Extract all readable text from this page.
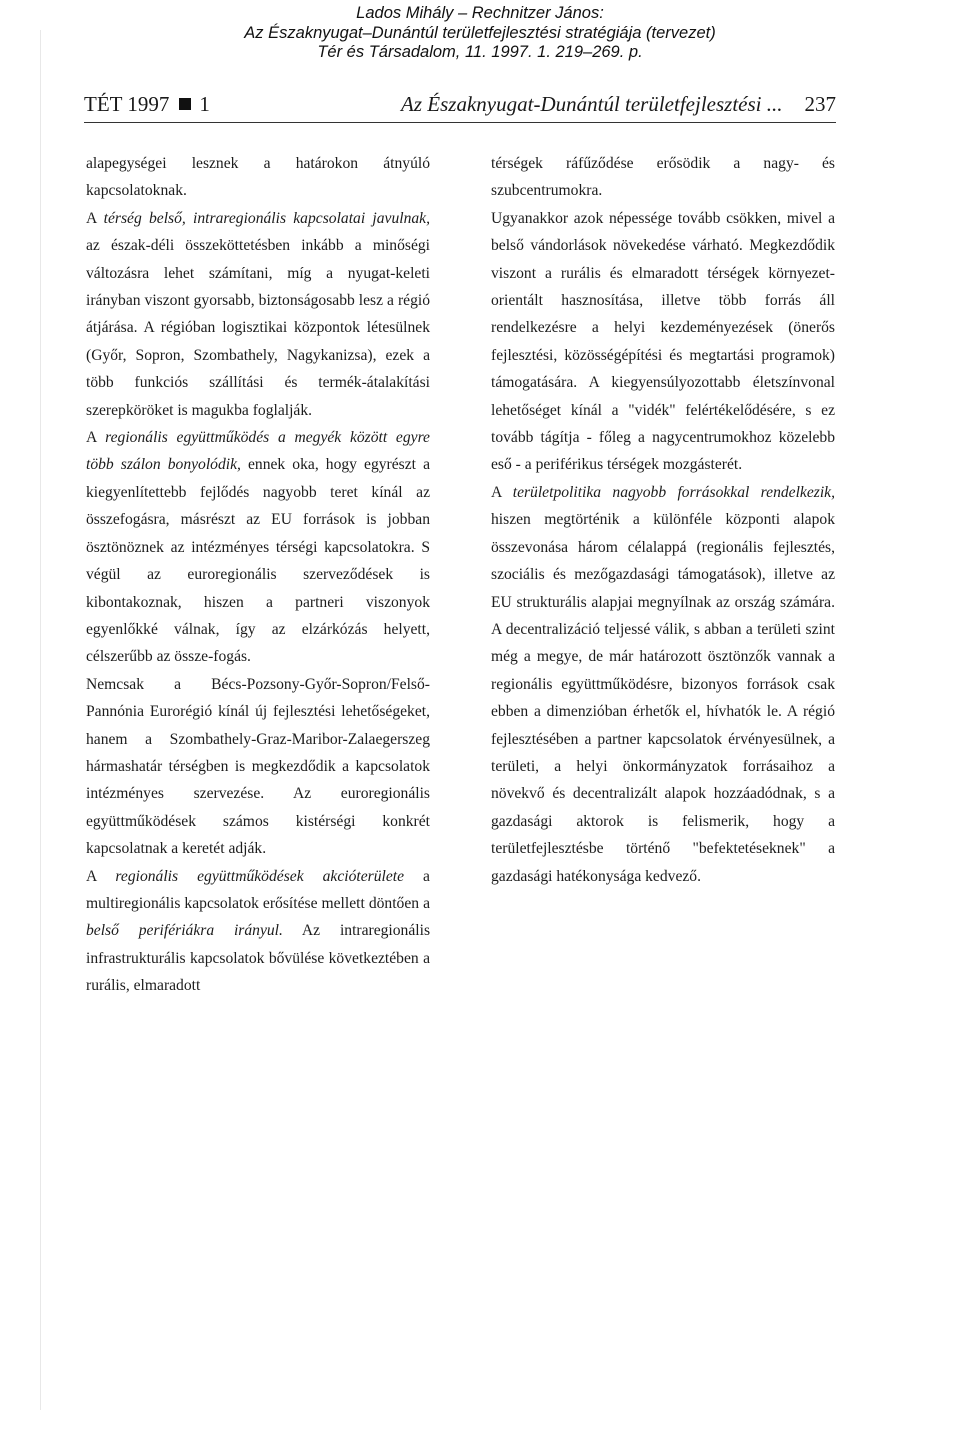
Lados Mihály – Rechnitzer János:
Az Északnyugat–Dunántúl területfejlesztési stratégiája (tervezet)
Tér és Társadalom, 11. 1997. 1. 219–269. p.
TÉT 1997 1	Az Északnyugat-Dunántúl területfejlesztési ... 237

alapegységei lesznek a határokon átnyúló kapcsolatoknak.

A térség belső, intraregionális kapcsolatai javulnak, az észak-déli összeköttetésben inkább a minőségi változásra lehet számítani, míg a nyugat-keleti irányban viszont gyorsabb, biztonságosabb lesz a régió átjárása. A régióban logisztikai központok létesülnek (Győr, Sopron, Szombathely, Nagykanizsa), ezek a több funkciós szállítási és termék-átalakítási szerepköröket is magukba foglalják.

A regionális együttműködés a megyék között egyre több szálon bonyolódik, ennek oka, hogy egyrészt a kiegyenlítettebb fejlődés nagyobb teret kínál az összefogásra, másrészt az EU források is jobban ösztönöznek az intézményes térségi kapcsolatokra. S végül az euroregionális szerveződések is kibontakoznak, hiszen a partneri viszonyok egyenlőkké válnak, így az elzárkózás helyett, célszerűbb az össze-fogás.

Nemcsak a Bécs-Pozsony-Győr-Sopron/Felső-Pannónia Eurorégió kínál új fejlesztési lehetőségeket, hanem a Szombathely-Graz-Maribor-Zalaegerszeg hármashatár térségben is megkezdődik a kapcsolatok intézményes szervezése. Az euroregionális együttműködések számos kistérségi konkrét kapcsolatnak a keretét adják.

A regionális együttműködések akcióterülete a multiregionális kapcsolatok erősítése mellett döntően a belső perifériákra irányul. Az intraregionális infrastrukturális kapcsolatok bővülése következtében a rurális, elmaradott

térségek ráfűződése erősödik a nagy- és szubcentrumokra.

Ugyanakkor azok népessége tovább csökken, mivel a belső vándorlások növekedése várható. Megkezdődik viszont a rurális és elmaradott térségek környezet-orientált hasznosítása, illetve több forrás áll rendelkezésre a helyi kezdeményezések (önerős fejlesztési, közösségépítési és megtartási programok) támogatására. A kiegyensúlyozottabb életszínvonal lehetőséget kínál a "vidék" felértékelődésére, s ez tovább tágítja - főleg a nagycentrumokhoz közelebb eső - a periférikus térségek mozgásterét.

A területpolitika nagyobb forrásokkal rendelkezik, hiszen megtörténik a különféle központi alapok összevonása három célalappá (regionális fejlesztés, szociális és mezőgazdasági támogatások), illetve az EU strukturális alapjai megnyílnak az ország számára. A decentralizáció teljessé válik, s abban a területi szint még a megye, de már határozott ösztönzők vannak a regionális együttműködésre, bizonyos források csak ebben a dimenzióban érhetők el, hívhatók le. A régió fejlesztésében a partner kapcsolatok érvényesülnek, a területi, a helyi önkormányzatok forrásaihoz a növekvő és decentralizált alapok hozzáadódnak, s a gazdasági aktorok is felismerik, hogy a területfejlesztésbe történő "befektetéseknek" a gazdasági hatékonysága kedvező.
